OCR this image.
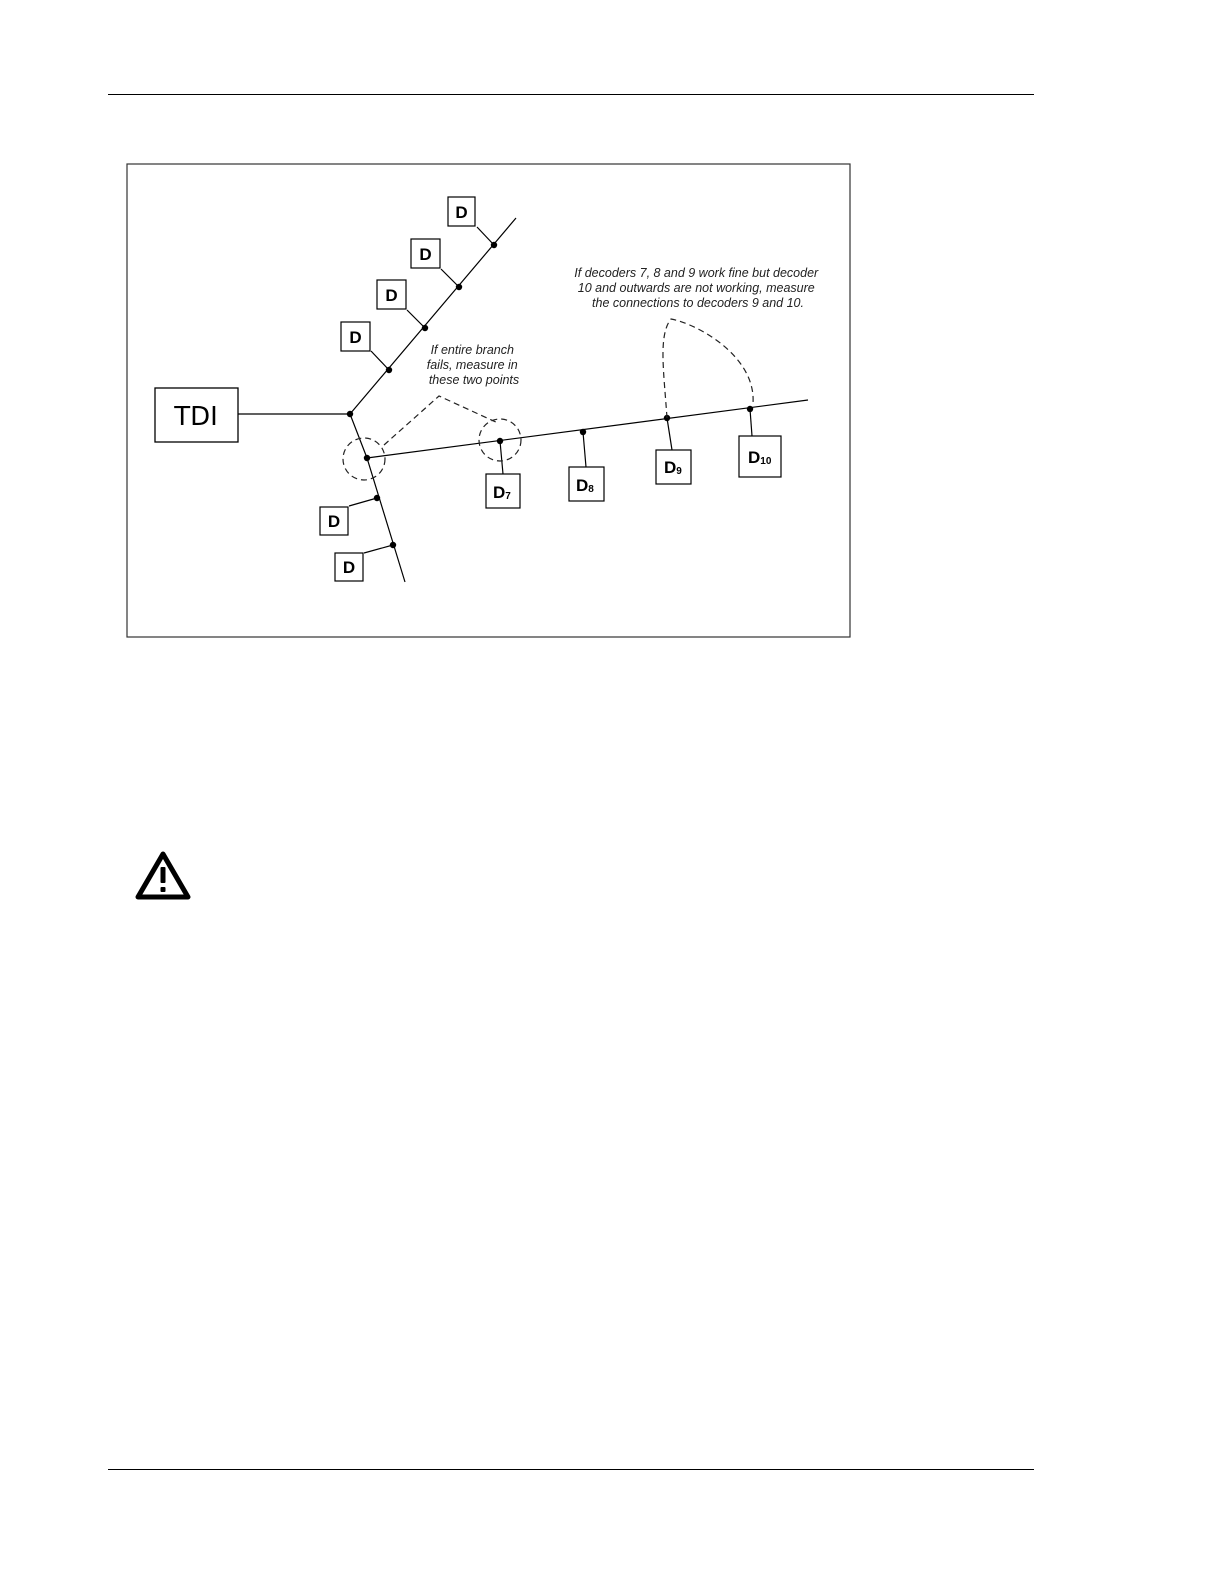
TDI
D
D
D
D
D
D
D7
D8
D9
D10
If entire branch fails, measure in these two points
If decoders 7, 8 and 9 work fine but decoder 10 and outwards are not working, measure the connections to decoders 9 and 10.
